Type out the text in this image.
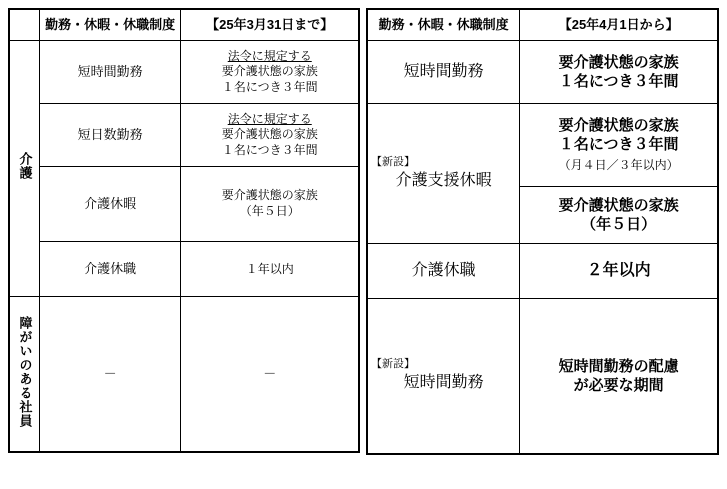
	勤務・休暇・休職制度	【25年3月31日まで】
介護	短時間勤務	法令に規定する
要介護状態の家族
１名につき３年間
	短日数勤務	法令に規定する
要介護状態の家族
１名につき３年間
	介護休暇	要介護状態の家族
（年５日）
	介護休職	１年以内
障がいのある社員	－	－
勤務・休暇・休職制度	【25年4月1日から】
短時間勤務	要介護状態の家族
１名につき３年間

【新設】
介護支援休暇	要介護状態の家族
１名につき３年間
（月４日／３年以内）
	要介護状態の家族
（年５日）
介護休職	２年以内

【新設】
短時間勤務	短時間勤務の配慮
が必要な期間
